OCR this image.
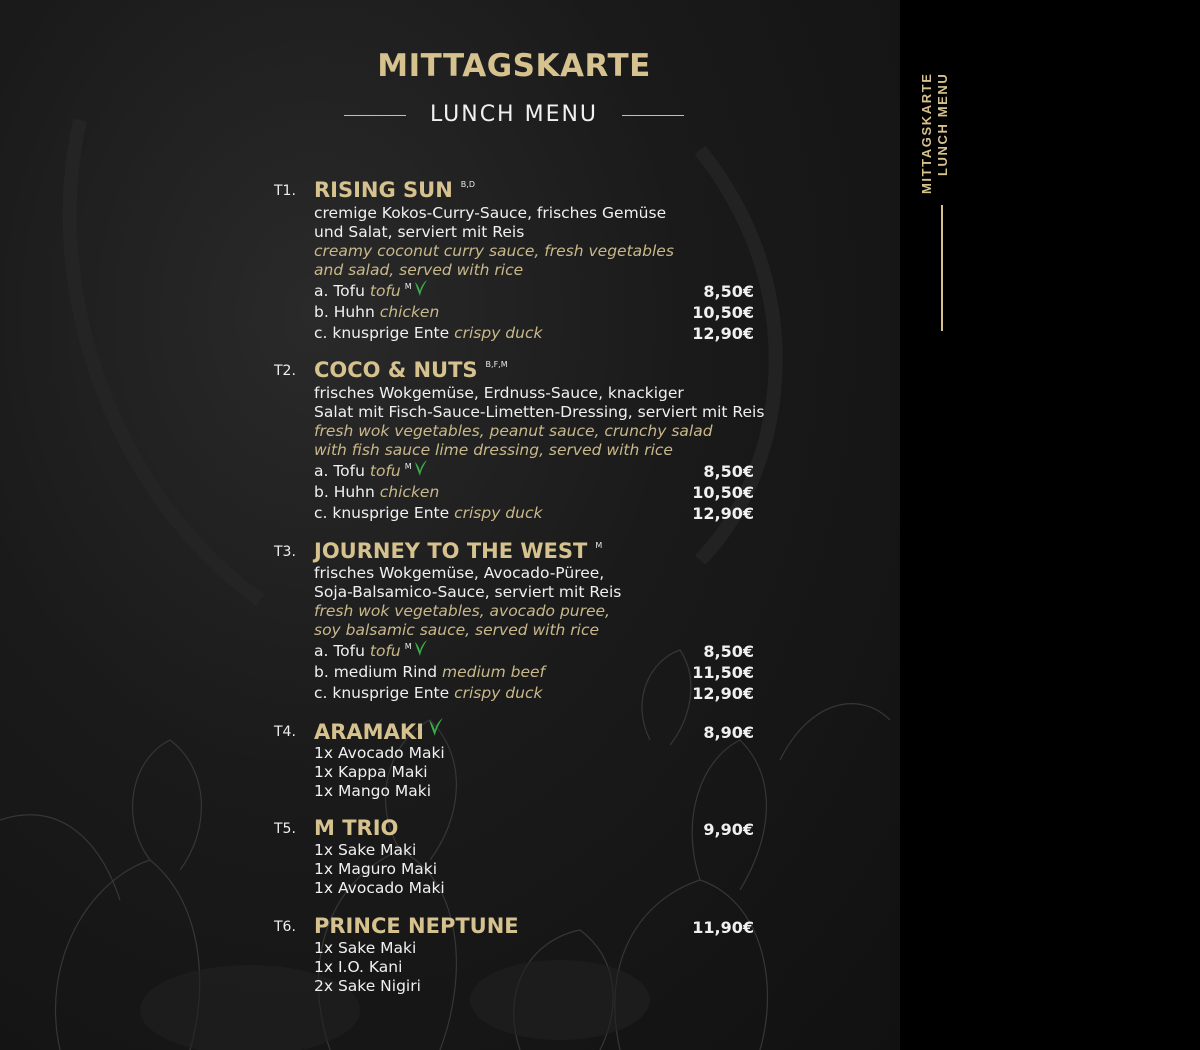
MITTAGSKARTE
LUNCH MENU
T1. RISING SUN $^{B,D}$
cremige Kokos-Curry-Sauce, frisches Gemüse
und Salat, serviert mit Reis
creamy coconut curry sauce, fresh vegetables
and salad, served with rice
a. Tofu tofu $^M$	8,50€
b. Huhn chicken	10,50€
c. knusprige Ente crispy duck	12,90€
T2. COCO & NUTS $^{B,F,M}$
frisches Wokgemüse, Erdnuss-Sauce, knackiger
Salat mit Fisch-Sauce-Limetten-Dressing, serviert mit Reis
fresh wok vegetables, peanut sauce, crunchy salad
with fish sauce lime dressing, served with rice
a. Tofu tofu $^M$	8,50€
b. Huhn chicken	10,50€
c. knusprige Ente crispy duck	12,90€
T3. JOURNEY TO THE WEST $^M$
frisches Wokgemüse, Avocado-Püree,
Soja-Balsamico-Sauce, serviert mit Reis
fresh wok vegetables, avocado puree,
soy balsamic sauce, served with rice
a. Tofu tofu $^M$	8,50€
b. medium Rind medium beef	11,50€
c. knusprige Ente crispy duck	12,90€
T4. ARAMAKI	8,90€
1x Avocado Maki
1x Kappa Maki
1x Mango Maki
T5. M TRIO	9,90€
1x Sake Maki
1x Maguro Maki
1x Avocado Maki
T6. PRINCE NEPTUNE	11,90€
1x Sake Maki
1x I.O. Kani
2x Sake Nigiri
MITTAGSKARTE LUNCH MENU
